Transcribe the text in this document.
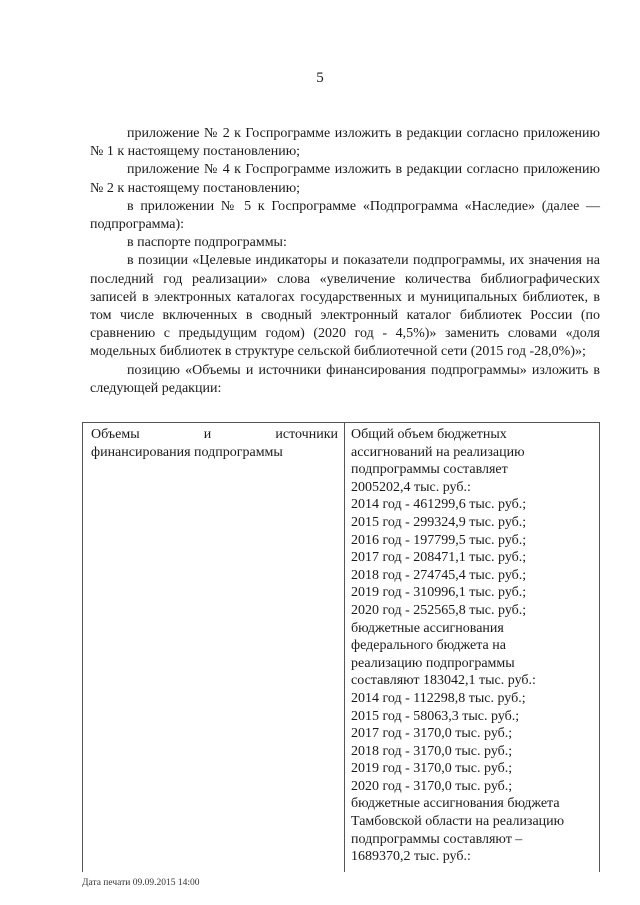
5

приложение № 2 к Госпрограмме изложить в редакции согласно приложению № 1 к настоящему постановлению;

приложение № 4 к Госпрограмме изложить в редакции согласно приложению № 2 к настоящему постановлению;

в приложении № 5 к Госпрограмме «Подпрограмма «Наследие» (далее — подпрограмма):

в паспорте подпрограммы:

в позиции «Целевые индикаторы и показатели подпрограммы, их значения на последний год реализации» слова «увеличение количества библиографических записей в электронных каталогах государственных и муниципальных библиотек, в том числе включенных в сводный электронный каталог библиотек России (по сравнению с предыдущим годом) (2020 год - 4,5%)» заменить словами «доля модельных библиотек в структуре сельской библиотечной сети (2015 год -28,0%)»;

позицию «Объемы и источники финансирования подпрограммы» изложить в следующей редакции:

Объемы	и	источники
финансирования подпрограммы
Общий объем бюджетных
ассигнований на реализацию
подпрограммы составляет
2005202,4 тыс. руб.:
2014 год - 461299,6 тыс. руб.;
2015 год - 299324,9 тыс. руб.;
2016 год - 197799,5 тыс. руб.;
2017 год - 208471,1 тыс. руб.;
2018 год - 274745,4 тыс. руб.;
2019 год - 310996,1 тыс. руб.;
2020 год - 252565,8 тыс. руб.;
бюджетные ассигнования
федерального бюджета на
реализацию подпрограммы
составляют 183042,1 тыс. руб.:
2014 год - 112298,8 тыс. руб.;
2015 год - 58063,3 тыс. руб.;
2017 год - 3170,0 тыс. руб.;
2018 год - 3170,0 тыс. руб.;
2019 год - 3170,0 тыс. руб.;
2020 год - 3170,0 тыс. руб.;
бюджетные ассигнования бюджета
Тамбовской области на реализацию
подпрограммы составляют –
1689370,2 тыс. руб.:
Дата печати 09.09.2015 14:00
